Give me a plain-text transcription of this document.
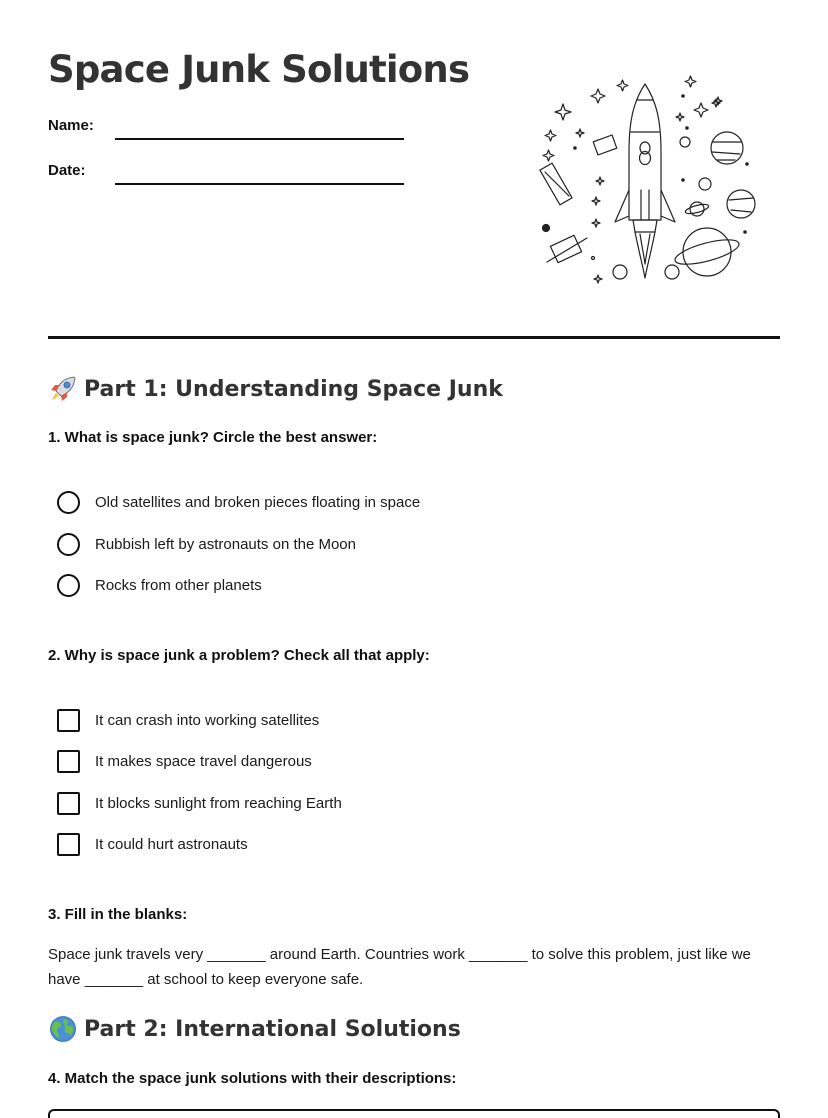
Space Junk Solutions
Name:
Date:
Part 1: Understanding Space Junk

1. What is space junk? Circle the best answer:

Old satellites and broken pieces floating in space
Rubbish left by astronauts on the Moon
Rocks from other planets

2. Why is space junk a problem? Check all that apply:

It can crash into working satellites
It makes space travel dangerous
It blocks sunlight from reaching Earth
It could hurt astronauts

3. Fill in the blanks:

Space junk travels very _______ around Earth. Countries work _______ to solve this problem, just like we
have _______ at school to keep everyone safe.
Part 2: International Solutions

4. Match the space junk solutions with their descriptions:
